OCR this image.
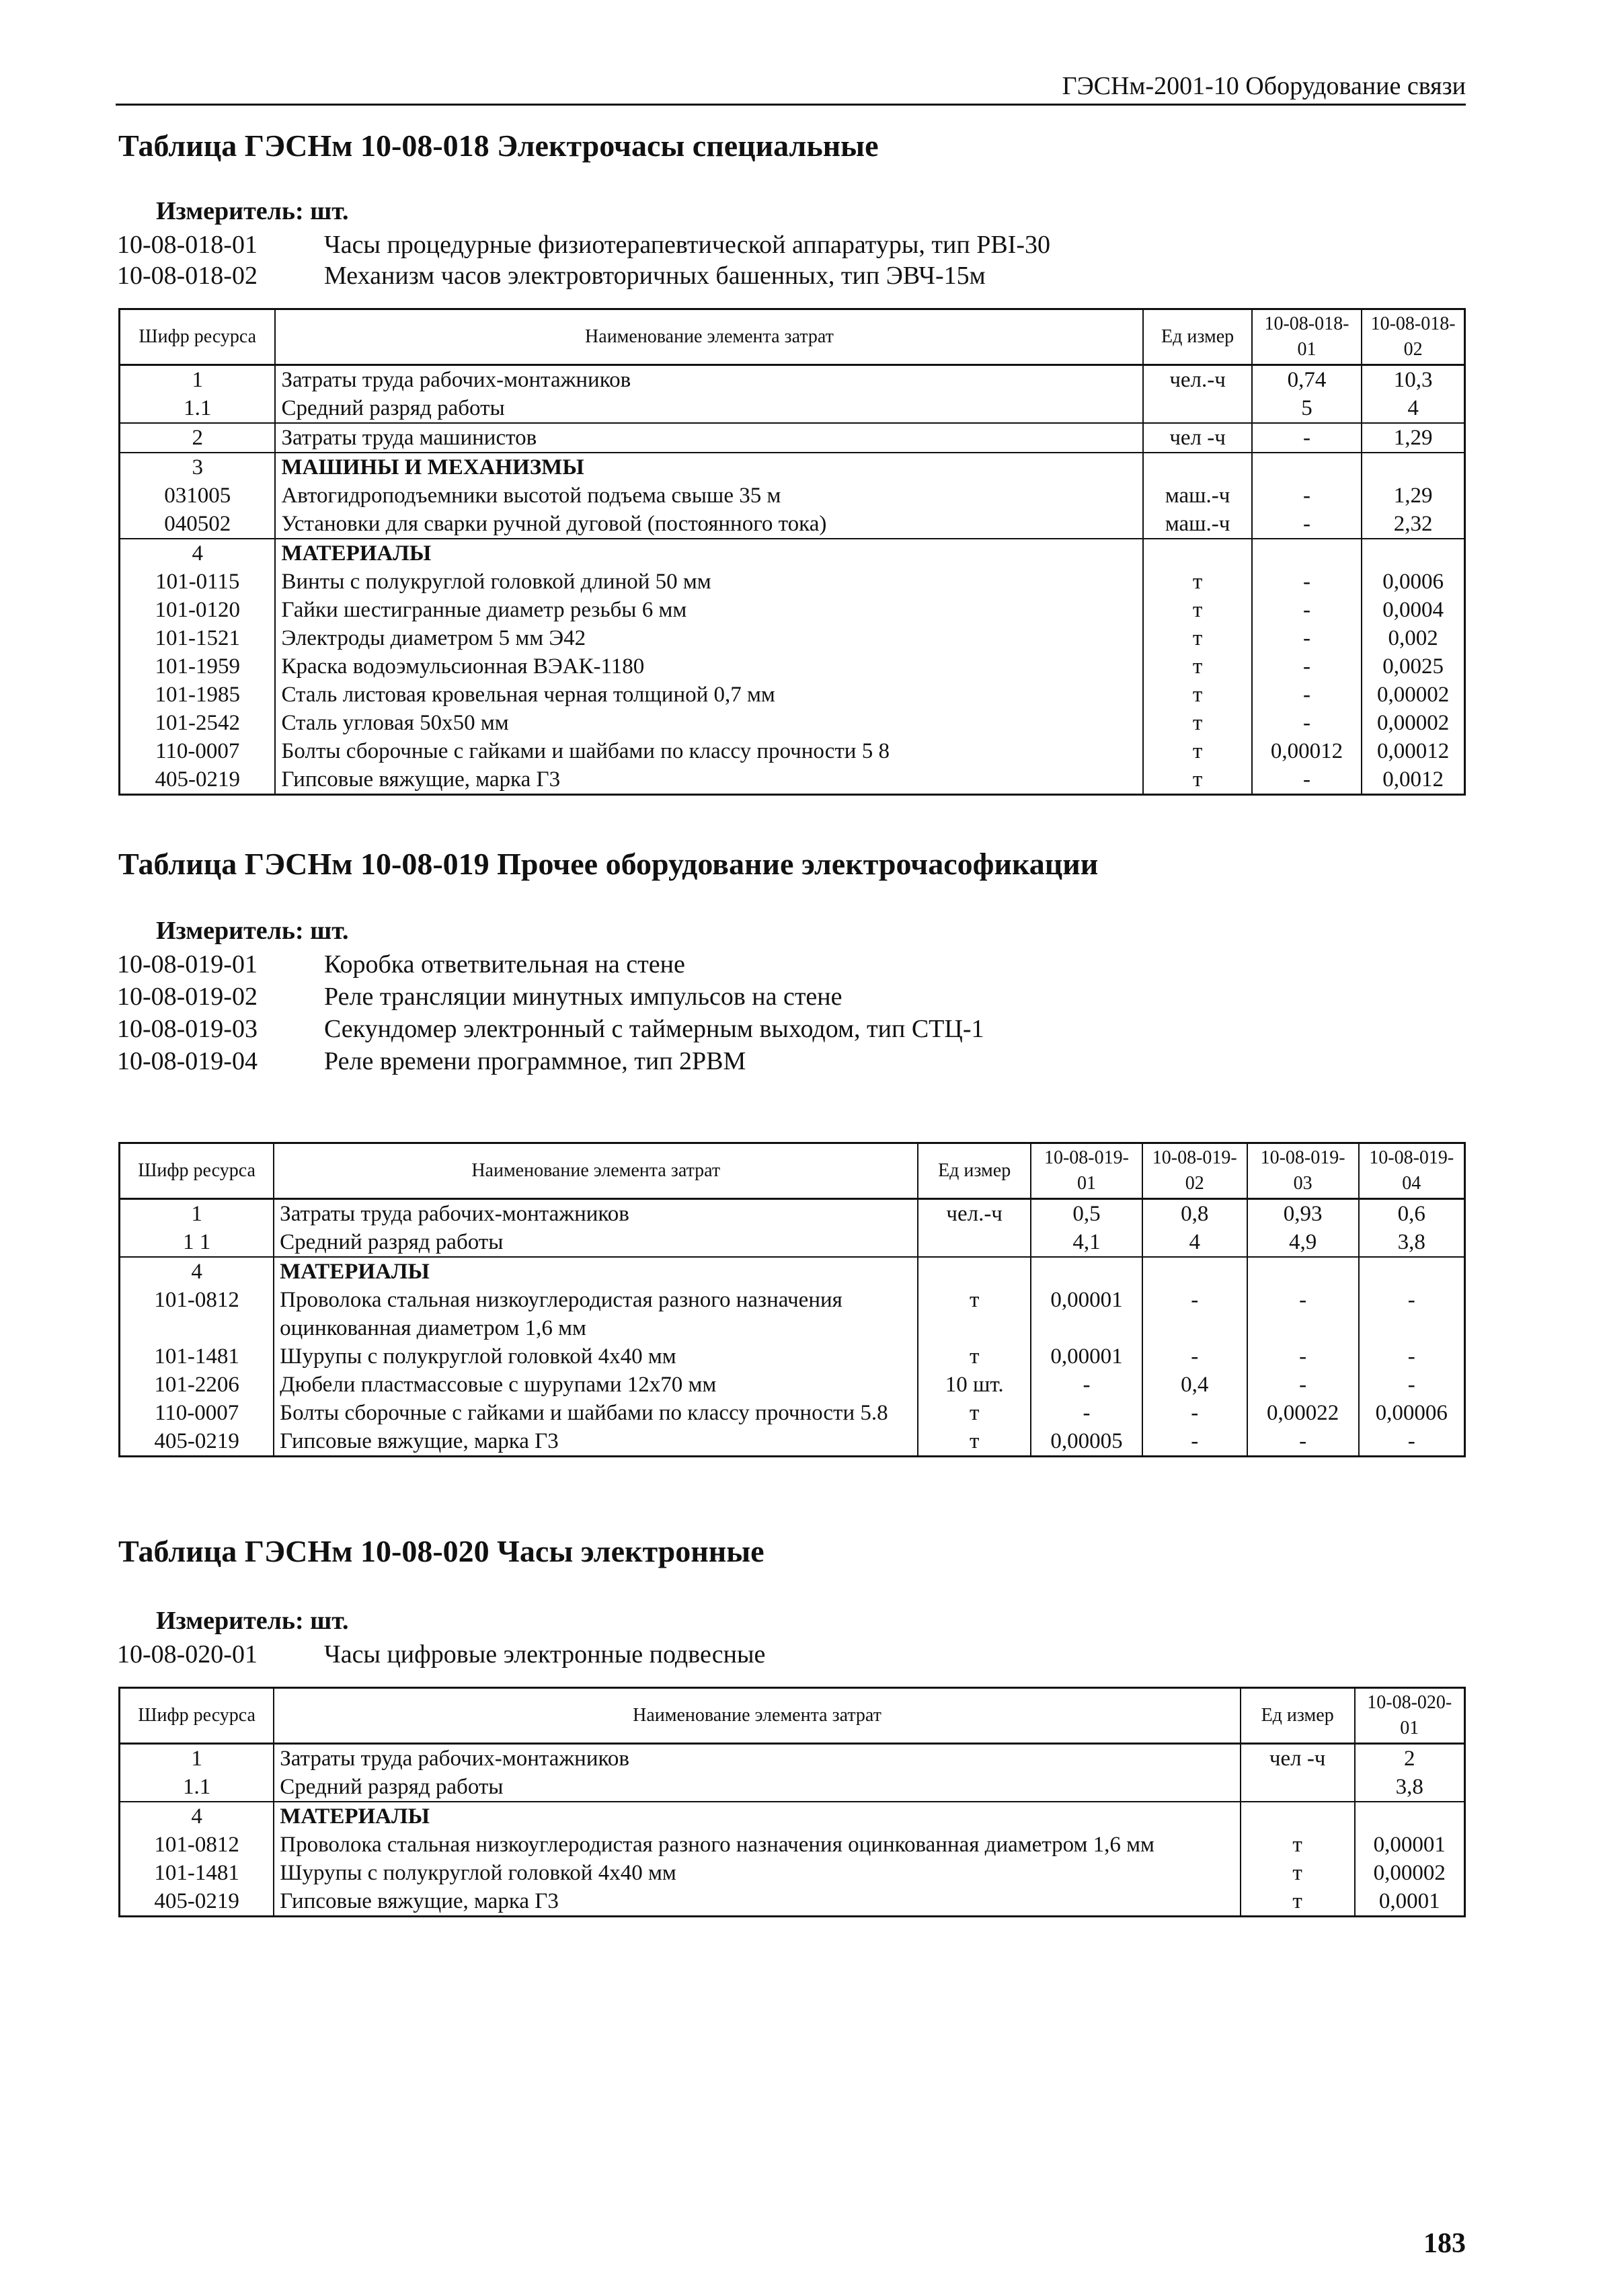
ГЭСНм-2001-10 Оборудование связи
Таблица ГЭСНм 10-08-018 Электрочасы специальные
Измеритель: шт.
10-08-018-01	Часы процедурные физиотерапевтической аппаратуры, тип РВI-30
10-08-018-02	Механизм часов электровторичных башенных, тип ЭВЧ-15м
Шифр ресурса	Наименование элемента затрат	Ед измер	10-08-018-01	10-08-018-02
1	Затраты труда рабочих-монтажников	чел.-ч	0,74	10,3
1.1	Средний разряд работы		5	4
2	Затраты труда машинистов	чел -ч	-	1,29
3	МАШИНЫ И МЕХАНИЗМЫ			
031005	Автогидроподъемники высотой подъема свыше 35 м	маш.-ч	-	1,29
040502	Установки для сварки ручной дуговой (постоянного тока)	маш.-ч	-	2,32
4	МАТЕРИАЛЫ			
101-0115	Винты с полукруглой головкой длиной 50 мм	т	-	0,0006
101-0120	Гайки шестигранные диаметр резьбы 6 мм	т	-	0,0004
101-1521	Электроды диаметром 5 мм Э42	т	-	0,002
101-1959	Краска водоэмульсионная ВЭАК-1180	т	-	0,0025
101-1985	Сталь листовая кровельная черная толщиной 0,7 мм	т	-	0,00002
101-2542	Сталь угловая 50х50 мм	т	-	0,00002
110-0007	Болты сборочные с гайками и шайбами по классу прочности 5 8	т	0,00012	0,00012
405-0219	Гипсовые вяжущие, марка Г3	т	-	0,0012
Таблица ГЭСНм 10-08-019 Прочее оборудование электрочасофикации
Измеритель: шт.
10-08-019-01	Коробка ответвительная на стене
10-08-019-02	Реле трансляции минутных импульсов на стене
10-08-019-03	Секундомер электронный с таймерным выходом, тип СТЦ-1
10-08-019-04	Реле времени программное, тип 2РВМ
Шифр ресурса	Наименование элемента затрат	Ед измер	10-08-019-01	10-08-019-02	10-08-019-03	10-08-019-04
1	Затраты труда рабочих-монтажников	чел.-ч	0,5	0,8	0,93	0,6
1 1	Средний разряд работы		4,1	4	4,9	3,8
4	МАТЕРИАЛЫ					
101-0812	Проволока стальная низкоуглеродистая разного назначения оцинкованная диаметром 1,6 мм	т	0,00001	-	-	-
101-1481	Шурупы с полукруглой головкой 4х40 мм	т	0,00001	-	-	-
101-2206	Дюбели пластмассовые с шурупами 12х70 мм	10 шт.	-	0,4	-	-
110-0007	Болты сборочные с гайками и шайбами по классу прочности 5.8	т	-	-	0,00022	0,00006
405-0219	Гипсовые вяжущие, марка Г3	т	0,00005	-	-	-
Таблица ГЭСНм 10-08-020 Часы электронные
Измеритель: шт.
10-08-020-01	Часы цифровые электронные подвесные
Шифр ресурса	Наименование элемента затрат	Ед измер	10-08-020-01
1	Затраты труда рабочих-монтажников	чел -ч	2
1.1	Средний разряд работы		3,8
4	МАТЕРИАЛЫ		
101-0812	Проволока стальная низкоуглеродистая разного назначения оцинкованная диаметром 1,6 мм	т	0,00001
101-1481	Шурупы с полукруглой головкой 4х40 мм	т	0,00002
405-0219	Гипсовые вяжущие, марка Г3	т	0,0001
183
